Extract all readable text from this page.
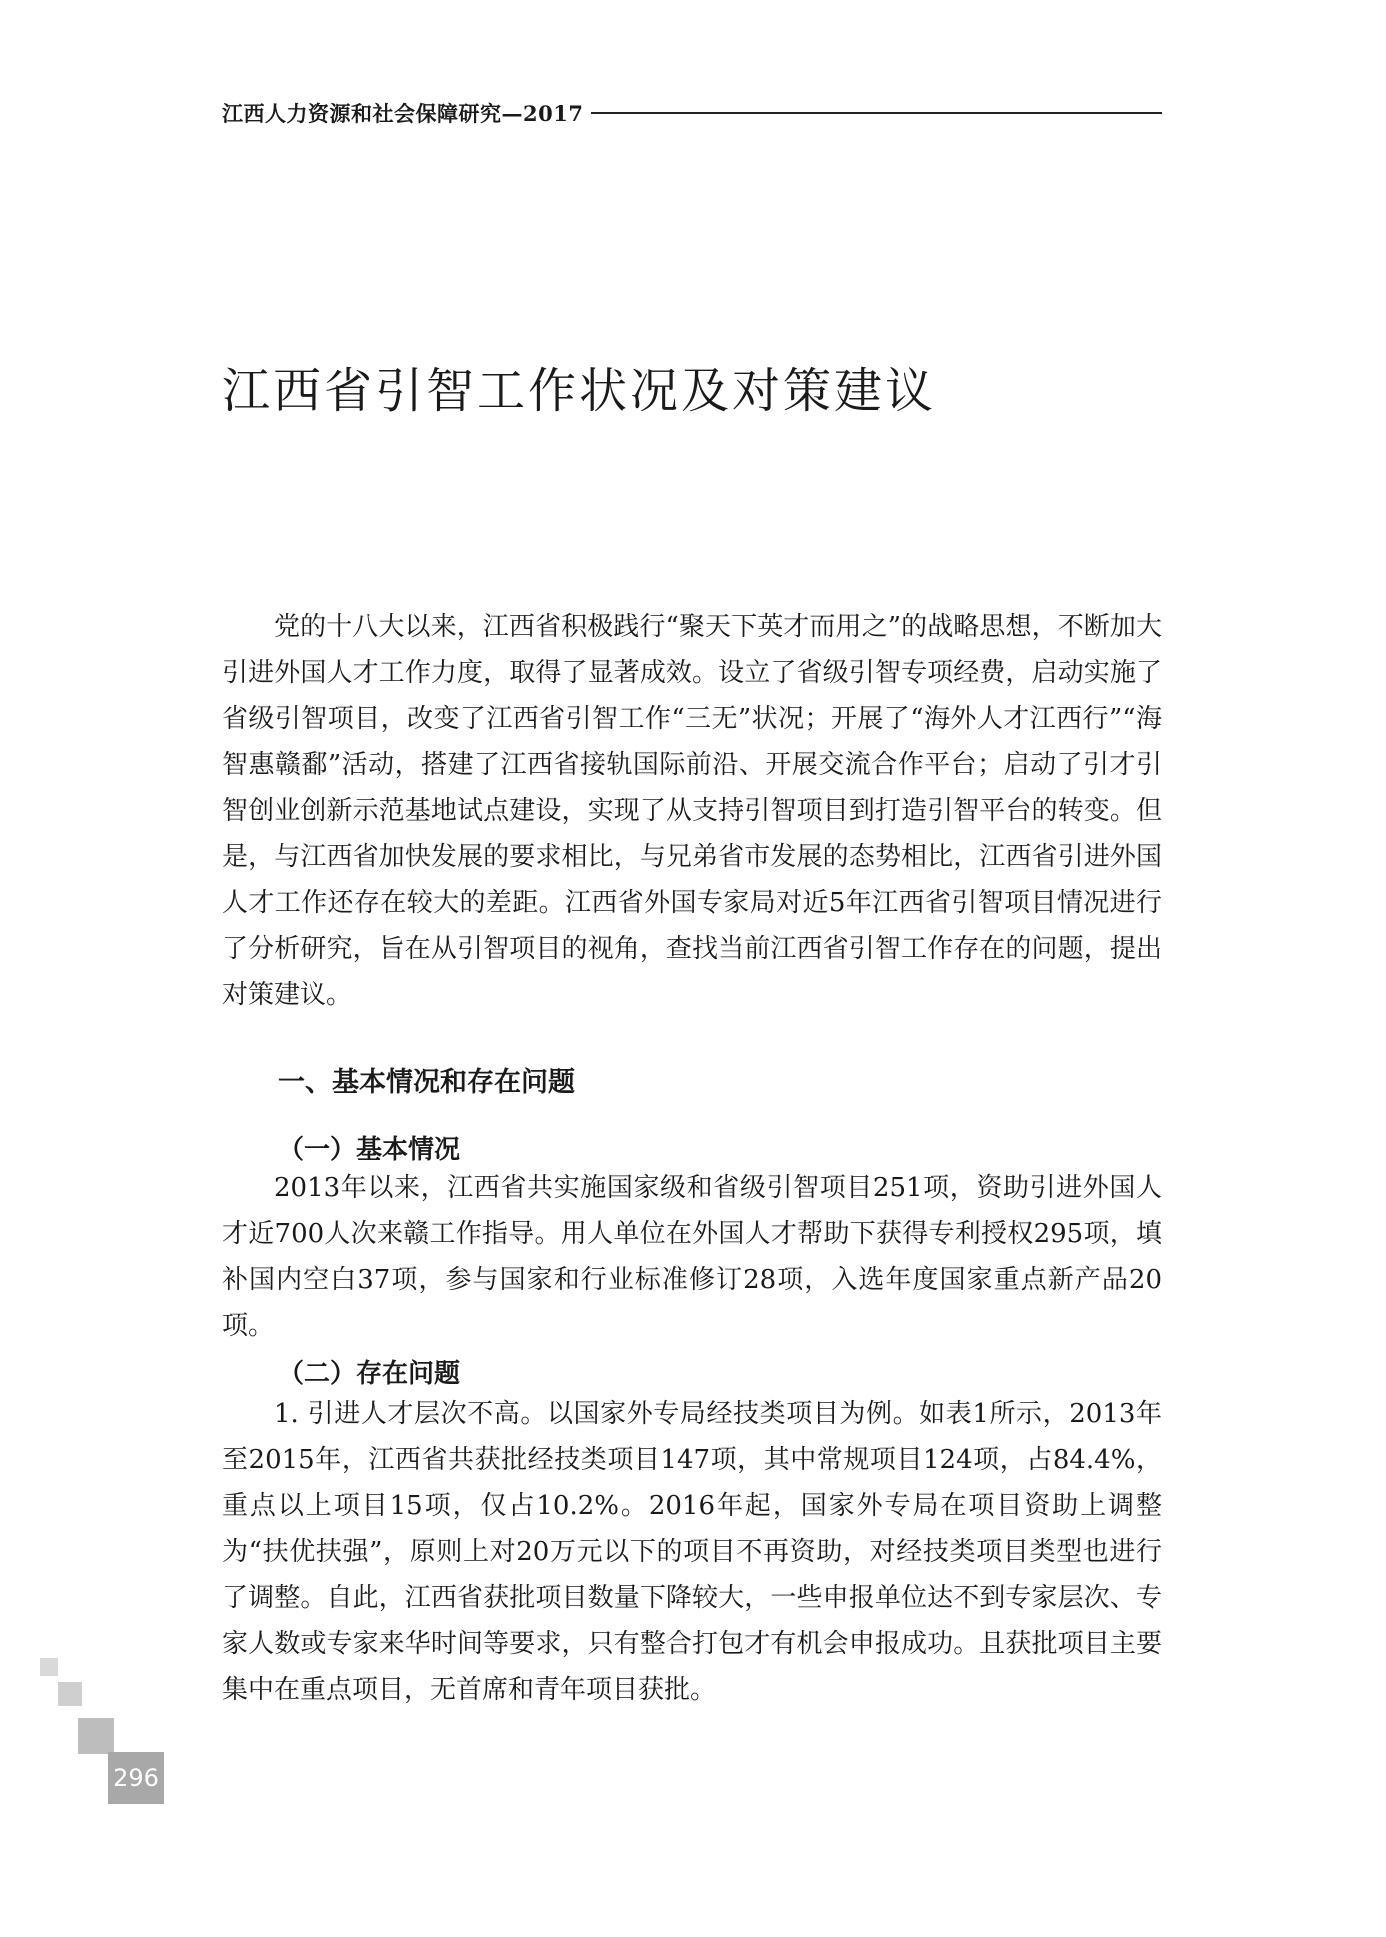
江西人力资源和社会保障研究—2017
江西省引智工作状况及对策建议

党的十八大以来，江西省积极践行“聚天下英才而用之”的战略思想，不断加大引进外国人才工作力度，取得了显著成效。设立了省级引智专项经费，启动实施了省级引智项目，改变了江西省引智工作“三无”状况；开展了“海外人才江西行”“海智惠赣鄱”活动，搭建了江西省接轨国际前沿、开展交流合作平台；启动了引才引智创业创新示范基地试点建设，实现了从支持引智项目到打造引智平台的转变。但是，与江西省加快发展的要求相比，与兄弟省市发展的态势相比，江西省引进外国人才工作还存在较大的差距。江西省外国专家局对近5年江西省引智项目情况进行了分析研究，旨在从引智项目的视角，查找当前江西省引智工作存在的问题，提出对策建议。

一、基本情况和存在问题
（一）基本情况

2013年以来，江西省共实施国家级和省级引智项目251项，资助引进外国人才近700人次来赣工作指导。用人单位在外国人才帮助下获得专利授权295项，填补国内空白37项，参与国家和行业标准修订28项，入选年度国家重点新产品20项。

（二）存在问题

1. 引进人才层次不高。以国家外专局经技类项目为例。如表1所示，2013年至2015年，江西省共获批经技类项目147项，其中常规项目124项，占84.4%，重点以上项目15项，仅占10.2%。2016年起，国家外专局在项目资助上调整为“扶优扶强”，原则上对20万元以下的项目不再资助，对经技类项目类型也进行了调整。自此，江西省获批项目数量下降较大，一些申报单位达不到专家层次、专家人数或专家来华时间等要求，只有整合打包才有机会申报成功。且获批项目主要集中在重点项目，无首席和青年项目获批。

296
